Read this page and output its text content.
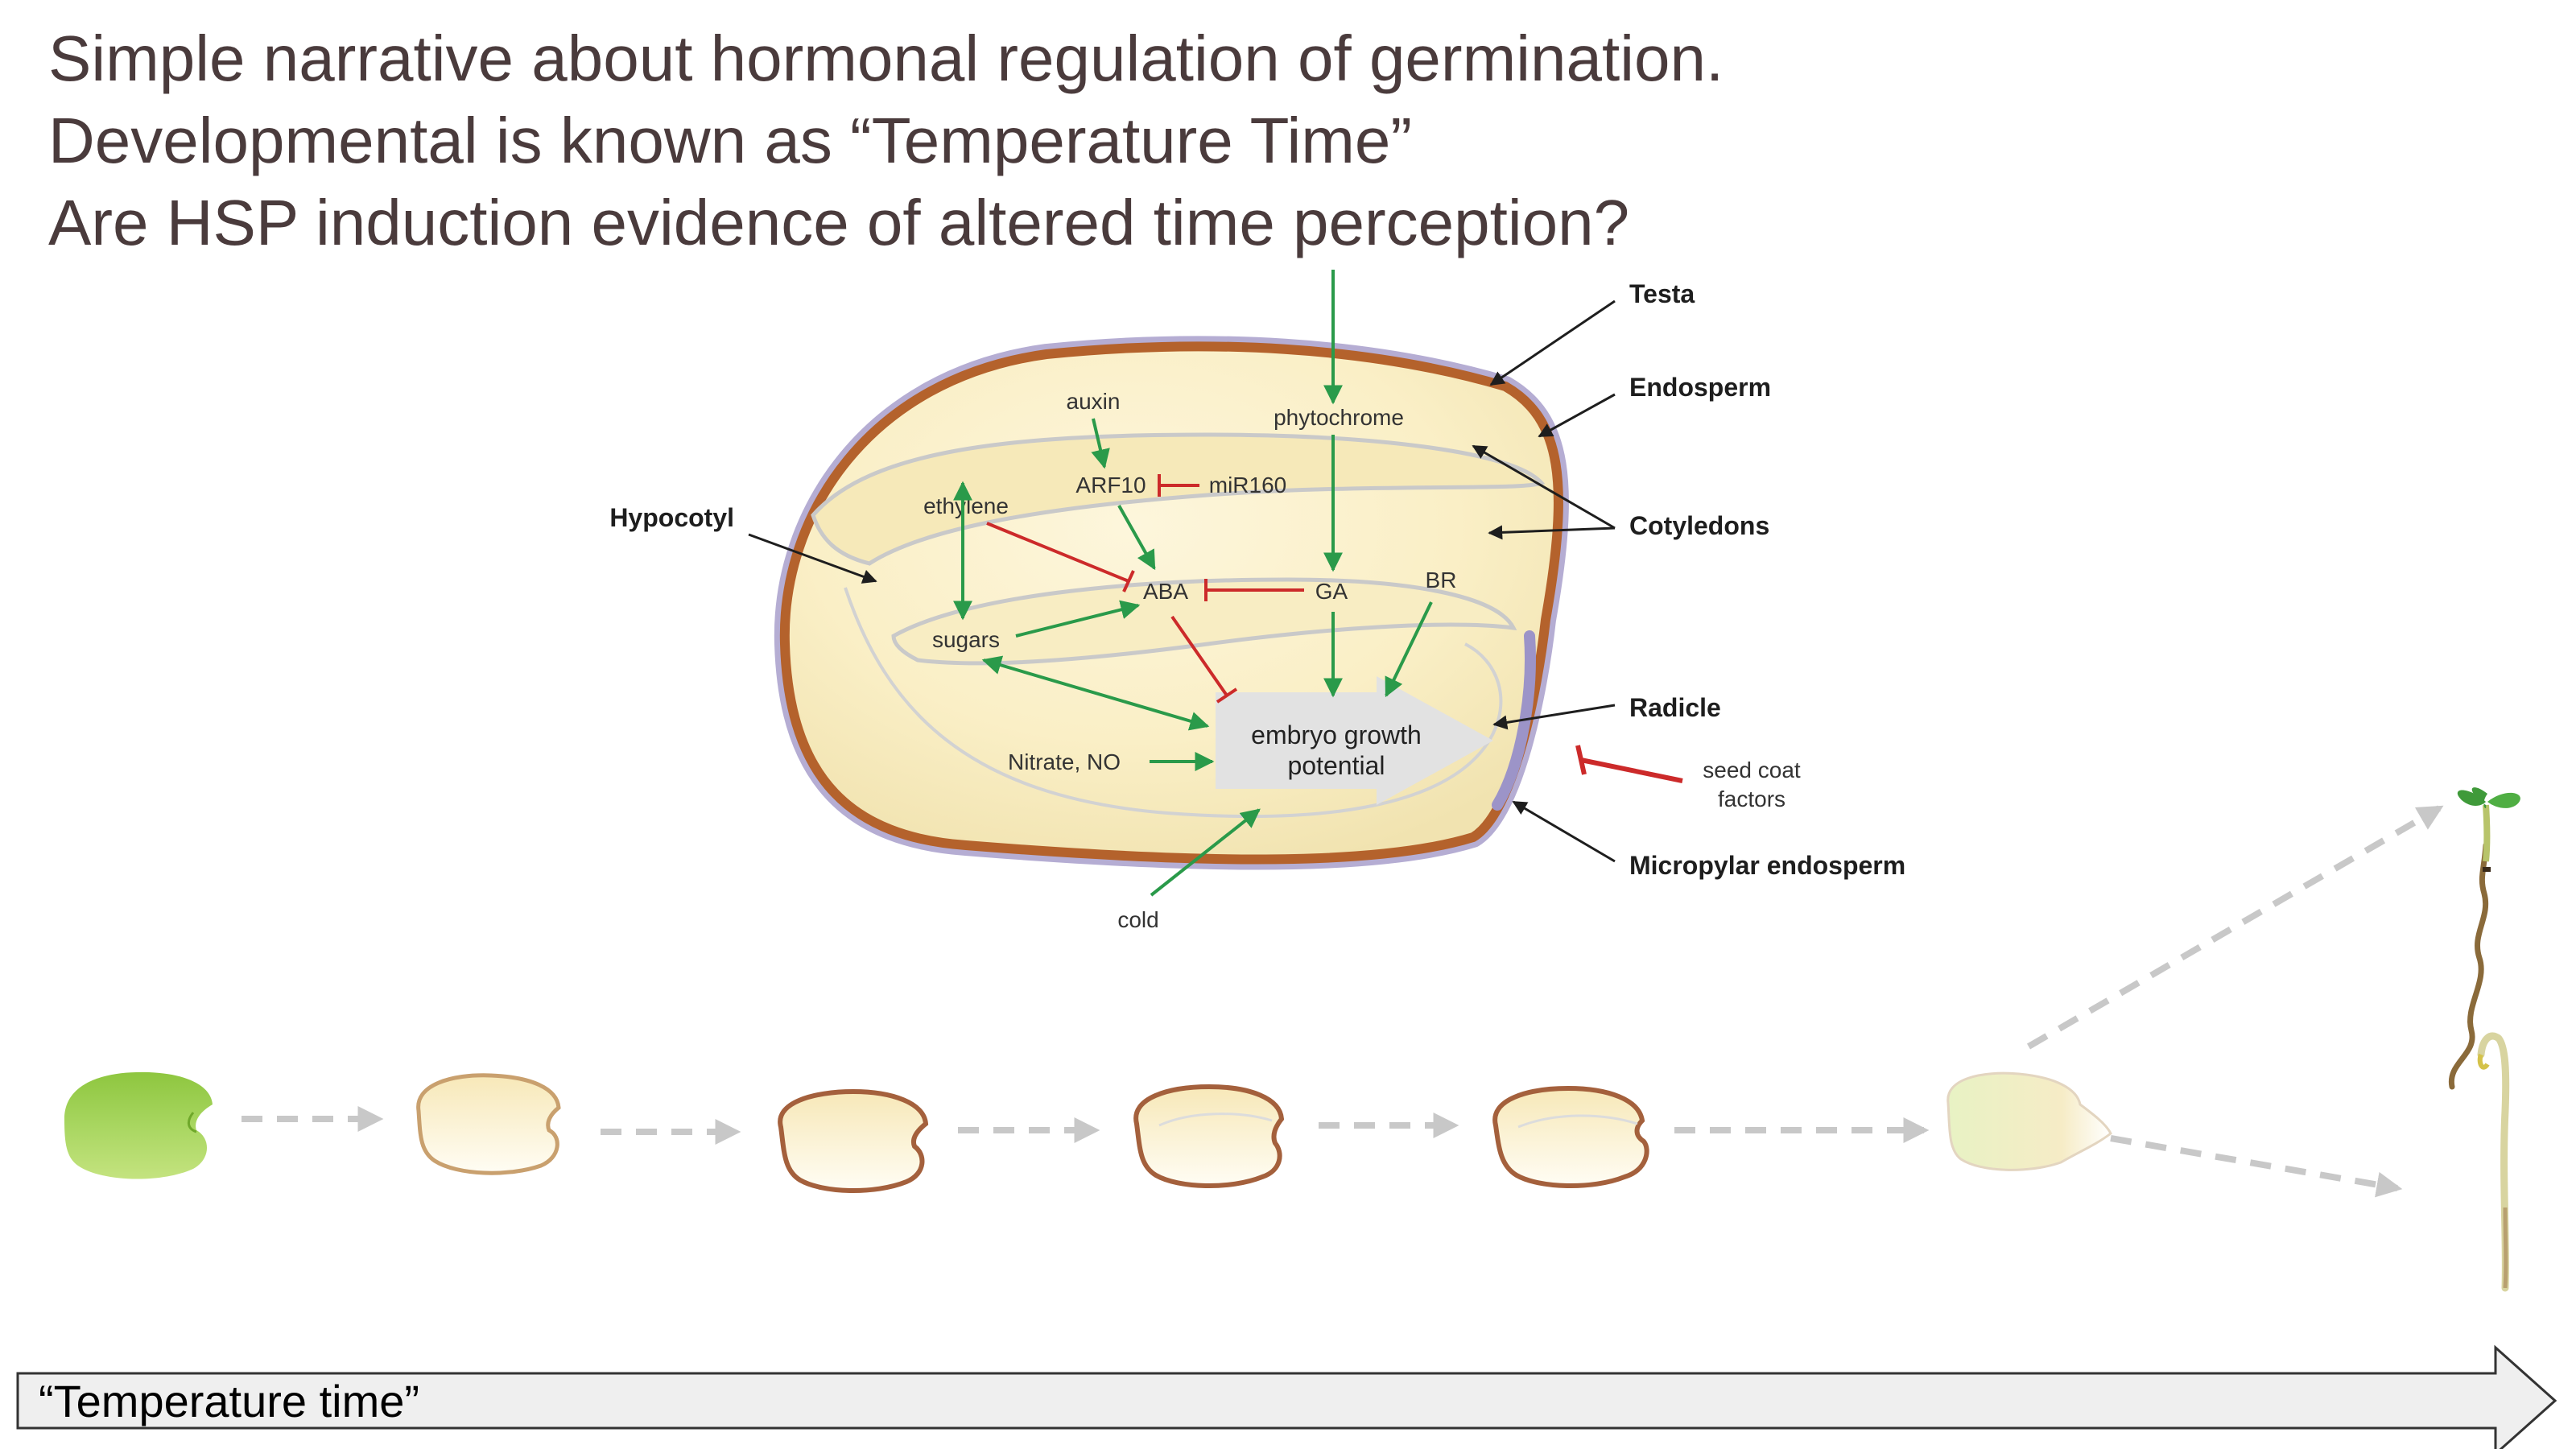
Simple narrative about hormonal regulation of germination.
Developmental is known as “Temperature Time”
Are HSP induction evidence of altered time perception?
embryo growth
potential
auxin
phytochrome
ARF10	miR160
ethylene
ABA	GA	BR
sugars
Nitrate, NO
cold
seed coat
factors
Testa
Endosperm
Cotyledons
Hypocotyl
Radicle
Micropylar endosperm
“Temperature time”
